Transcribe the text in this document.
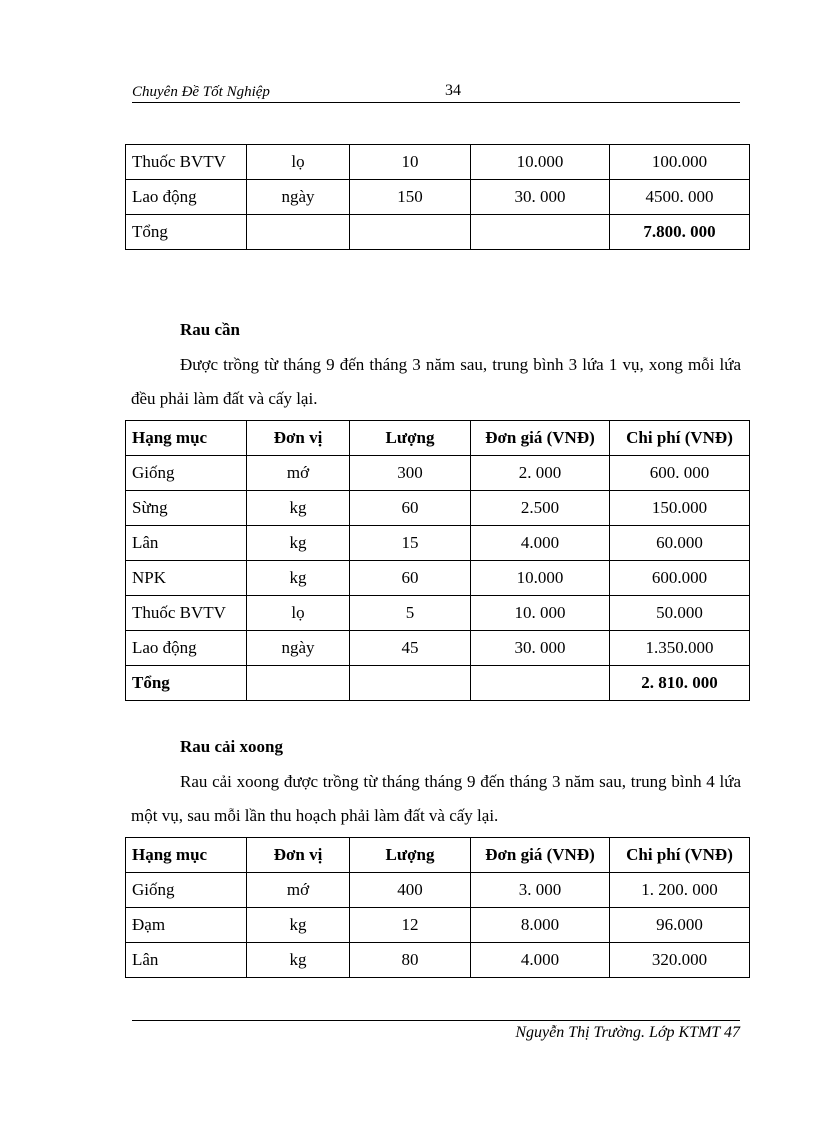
Chuyên Đề Tốt Nghiệp	34
Thuốc BVTV	lọ	10	10.000	100.000
Lao động	ngày	150	30. 000	4500. 000
Tổng				7.800. 000
Rau cần
Được trồng từ tháng 9 đến tháng 3 năm sau, trung bình 3 lứa 1 vụ, xong mỗi lứa đều phải làm đất và cấy lại.
Hạng mục	Đơn vị	Lượng	Đơn giá (VNĐ)	Chi phí (VNĐ)
Giống	mớ	300	2. 000	600. 000
Sừng	kg	60	2.500	150.000
Lân	kg	15	4.000	60.000
NPK	kg	60	10.000	600.000
Thuốc BVTV	lọ	5	10. 000	50.000
Lao động	ngày	45	30. 000	1.350.000
Tổng				2. 810. 000
Rau cải xoong
Rau cải xoong được trồng từ tháng tháng 9 đến tháng 3 năm sau, trung bình 4 lứa một vụ, sau mỗi lần thu hoạch phải làm đất và cấy lại.
Hạng mục	Đơn vị	Lượng	Đơn giá (VNĐ)	Chi phí (VNĐ)
Giống	mớ	400	3. 000	1. 200. 000
Đạm	kg	12	8.000	96.000
Lân	kg	80	4.000	320.000
Nguyễn Thị Trường. Lớp KTMT 47
